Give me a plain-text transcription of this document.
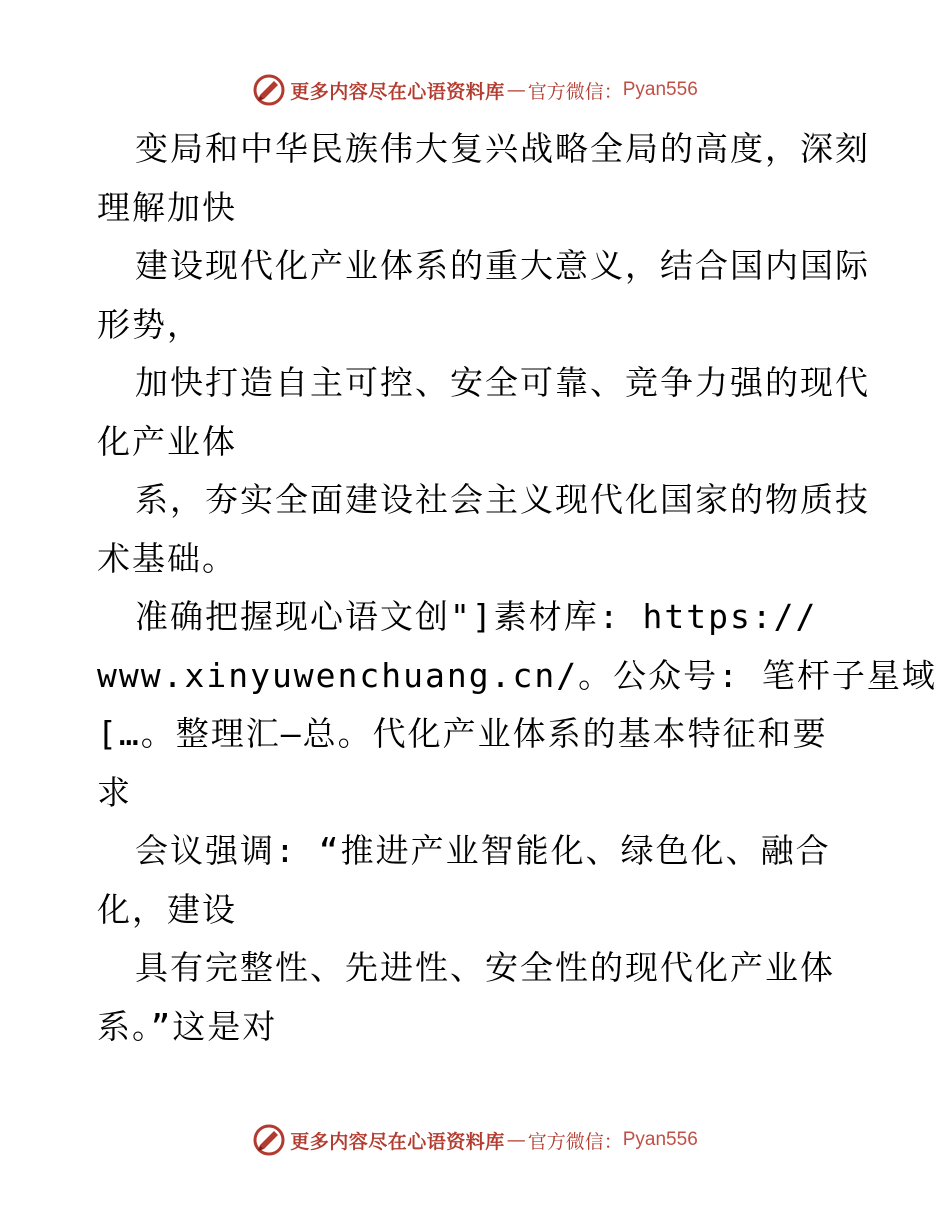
更多内容尽在心语资料库 — 官方微信： Pyan556
变局和中华民族伟大复兴战略全局的高度，深刻
理解加快
建设现代化产业体系的重大意义，结合国内国际
形势，
加快打造自主可控、安全可靠、竞争力强的现代
化产业体
系，夯实全面建设社会主义现代化国家的物质技
术基础。
准确把握现心语文创"]素材库: https://
www.xinyuwenchuang.cn/。公众号: 笔杆子星域
[…。整理汇—总。代化产业体系的基本特征和要
求
会议强调: “推进产业智能化、绿色化、融合
化，建设
具有完整性、先进性、安全性的现代化产业体
系。”这是对
更多内容尽在心语资料库 — 官方微信： Pyan556
